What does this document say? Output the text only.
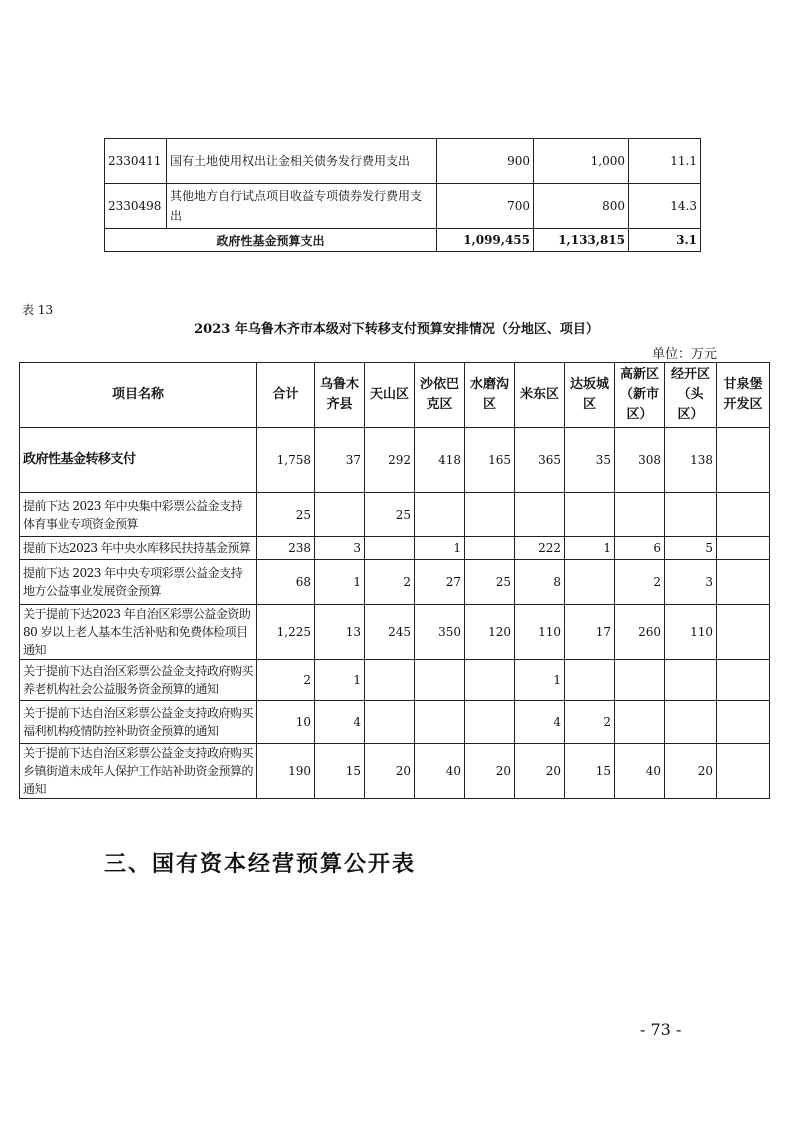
2330411	国有土地使用权出让金相关债务发行费用支出	900	1,000	11.1
2330498	其他地方自行试点项目收益专项债券发行费用支出	700	800	14.3
政府性基金预算支出		1,099,455	1,133,815	3.1
表 13
2023 年乌鲁木齐市本级对下转移支付预算安排情况（分地区、项目）
单位：万元
项目名称	合计	乌鲁木齐县	天山区	沙依巴克区	水磨沟区	米东区	达坂城区	高新区（新市区）	经开区（头区）	甘泉堡开发区
政府性基金转移支付	1,758	37	292	418	165	365	35	308	138	
提前下达 2023 年中央集中彩票公益金支持体育事业专项资金预算	25		25							
提前下达2023 年中央水库移民扶持基金预算	238	3		1		222	1	6	5	
提前下达 2023 年中央专项彩票公益金支持地方公益事业发展资金预算	68	1	2	27	25	8		2	3	
关于提前下达2023 年自治区彩票公益金资助80 岁以上老人基本生活补贴和免费体检项目通知	1,225	13	245	350	120	110	17	260	110	
关于提前下达自治区彩票公益金支持政府购买养老机构社会公益服务资金预算的通知	2	1				1				
关于提前下达自治区彩票公益金支持政府购买福利机构疫情防控补助资金预算的通知	10	4				4	2			
关于提前下达自治区彩票公益金支持政府购买乡镇街道未成年人保护工作站补助资金预算的通知	190	15	20	40	20	20	15	40	20	
三、国有资本经营预算公开表
- 73 -
